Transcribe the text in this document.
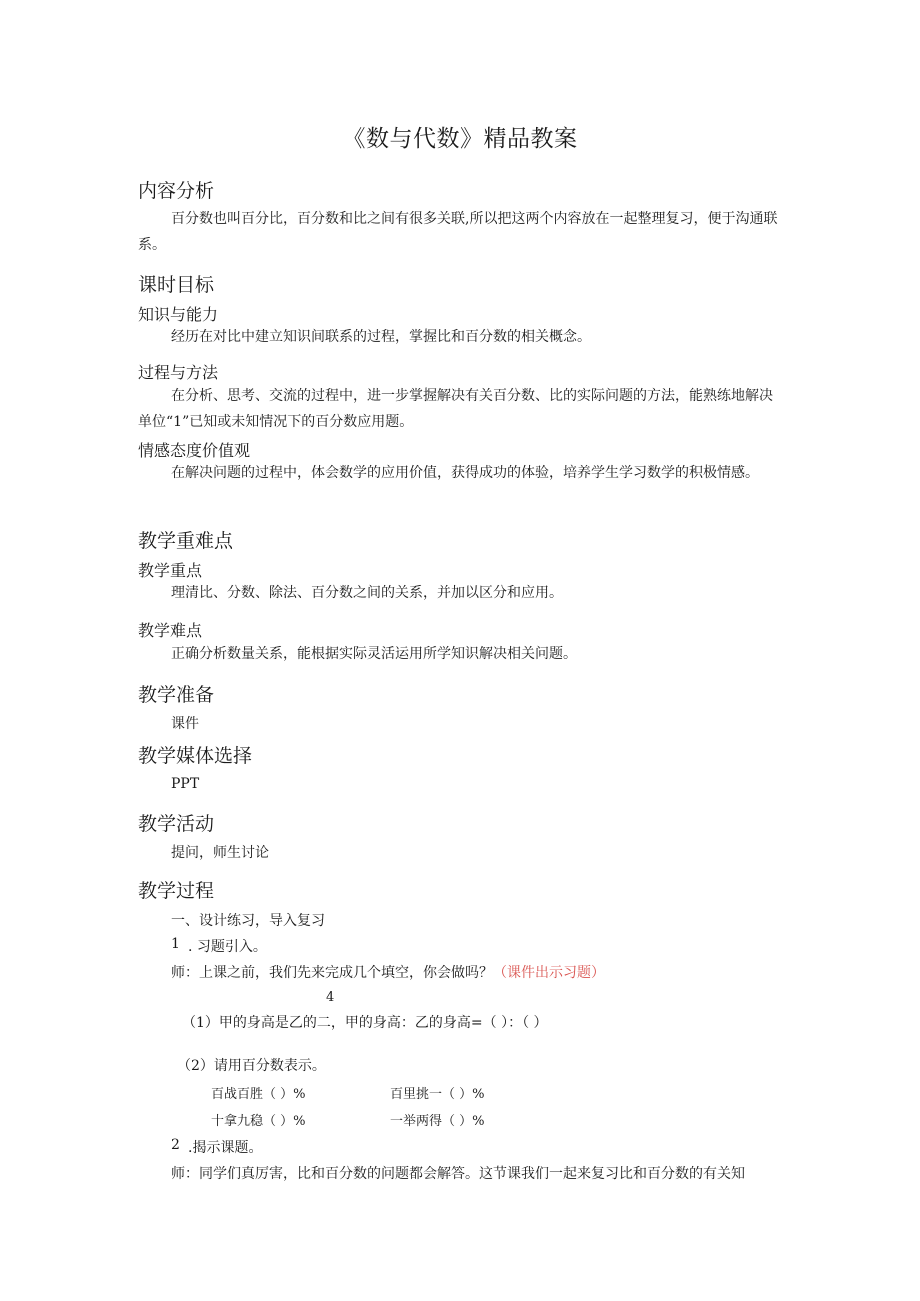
《数与代数》精品教案
内容分析
百分数也叫百分比，百分数和比之间有很多关联,所以把这两个内容放在一起整理复习，便于沟通联系。
课时目标
知识与能力
经历在对比中建立知识间联系的过程，掌握比和百分数的相关概念。
过程与方法
在分析、思考、交流的过程中，进一步掌握解决有关百分数、比的实际问题的方法，能熟练地解决单位“1”已知或未知情况下的百分数应用题。
情感态度价值观
在解决问题的过程中，体会数学的应用价值，获得成功的体验，培养学生学习数学的积极情感。
教学重难点
教学重点
理清比、分数、除法、百分数之间的关系，并加以区分和应用。
教学难点
正确分析数量关系，能根据实际灵活运用所学知识解决相关问题。
教学准备
课件
教学媒体选择
PPT
教学活动
提问，师生讨论
教学过程
一、设计练习，导入复习
1 . 习题引入。
师：上课之前，我们先来完成几个填空，你会做吗？（课件出示习题）
4
（1）甲的身高是乙的二，甲的身高：乙的身高=（ ）：（ ）
（2）请用百分数表示。
百战百胜（ ）%	百里挑一（ ）%
十拿九稳（ ）%	一举两得（ ）%
2 .揭示课题。
师：同学们真厉害，比和百分数的问题都会解答。这节课我们一起来复习比和百分数的有关知
